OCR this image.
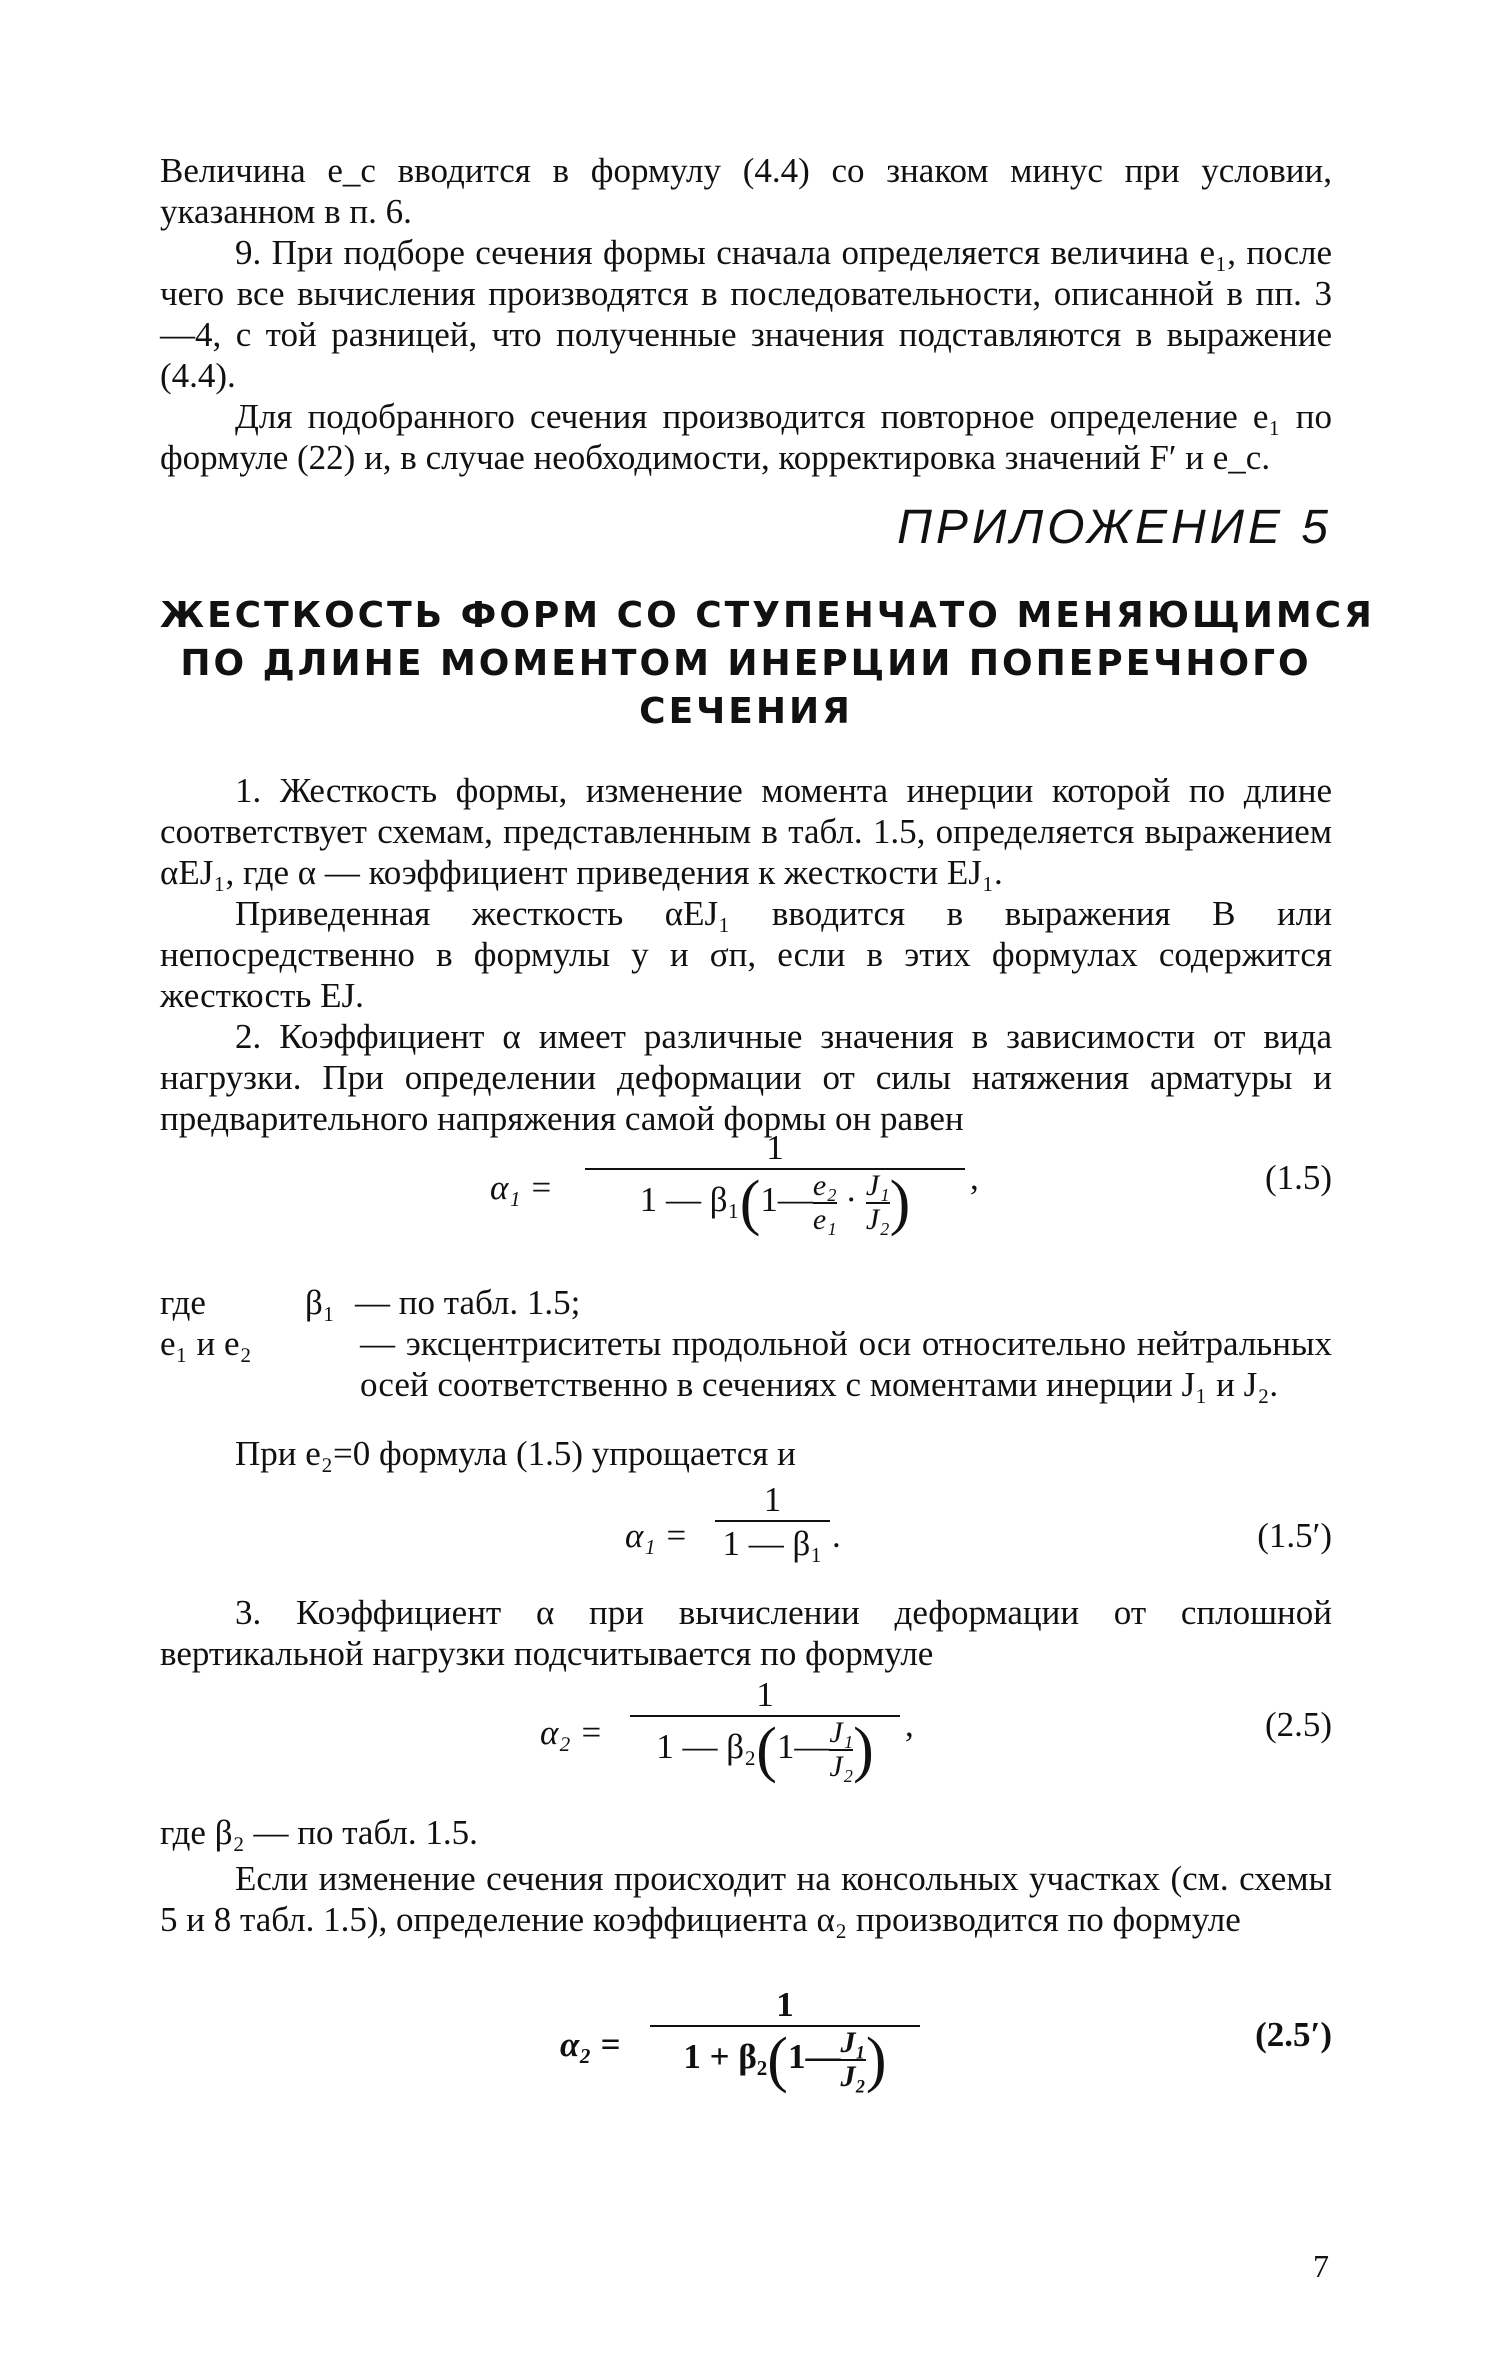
Величина e_c вводится в формулу (4.4) со знаком минус при условии, указанном в п. 6.

9. При подборе сечения формы сначала определяется величина e₁, после чего все вычисления производятся в последовательности, описанной в пп. 3—4, с той разницей, что полученные значения подставляются в выражение (4.4).

Для подобранного сечения производится повторное определение e₁ по формуле (22) и, в случае необходимости, корректировка значений F′ и e_c.

ПРИЛОЖЕНИЕ 5
ЖЕСТКОСТЬ ФОРМ СО СТУПЕНЧАТО МЕНЯЮЩИМСЯ
ПО ДЛИНЕ МОМЕНТОМ ИНЕРЦИИ ПОПЕРЕЧНОГО
СЕЧЕНИЯ

1. Жесткость формы, изменение момента инерции которой по длине соответствует схемам, представленным в табл. 1.5, определяется выражением αEJ₁, где α — коэффициент приведения к жесткости EJ₁.

Приведенная жесткость αEJ₁ вводится в выражения B или непосредственно в формулы y и σп, если в этих формулах содержится жесткость EJ.

2. Коэффициент α имеет различные значения в зависимости от вида нагрузки. При определении деформации от силы натяжения арматуры и предварительного напряжения самой формы он равен

α₁ =
1
1 — $\beta_1(1—\frac{\text{e₂}}{\text{e₁}} \cdot \frac{\text{J₁}}{\text{J₂}})$	,	(1.5)
где	β₁ — по табл. 1.5;
e₁ и e₂	— эксцентриситеты продольной оси относительно нейтральных осей соответственно в сечениях с моментами инерции J₁ и J₂.

При e₂=0 формула (1.5) упрощается и

α₁ =
1
1 — β₁ .	(1.5′)

3. Коэффициент α при вычислении деформации от сплошной вертикальной нагрузки подсчитывается по формуле

α₂ =
1
1 — $\beta_2(1—\frac{\text{J₁}}{\text{J₂}})$ ,	(2.5)
где β₂ — по табл. 1.5.

Если изменение сечения происходит на консольных участках (см. схемы 5 и 8 табл. 1.5), определение коэффициента α₂ производится по формуле

α₂ =
1
$1 + \beta_2(1—\frac{\text{J₁}}{\text{J₂}})$	(2.5′)
7
